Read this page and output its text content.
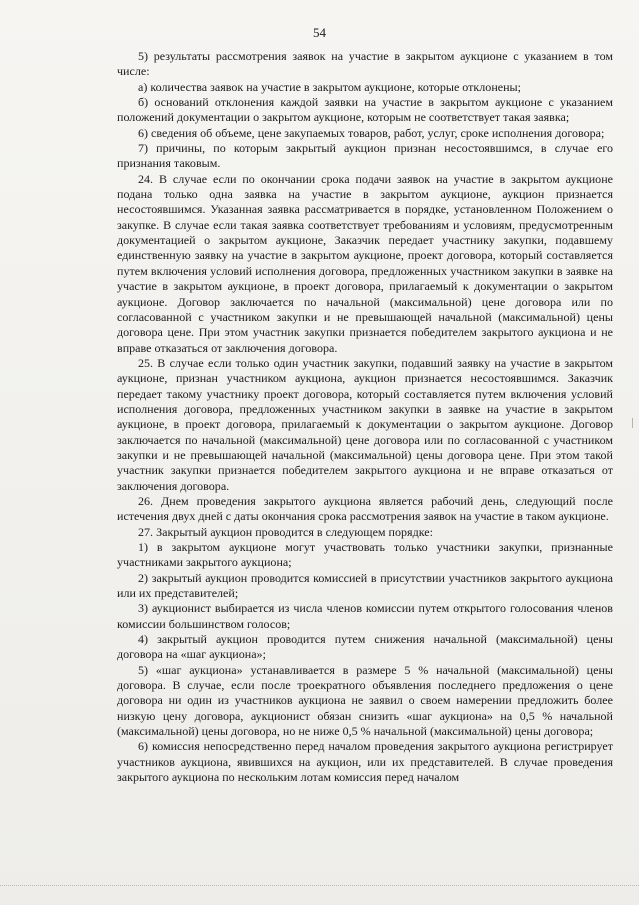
54

5) результаты рассмотрения заявок на участие в закрытом аукционе с указанием в том числе:

а) количества заявок на участие в закрытом аукционе, которые отклонены;

б) оснований отклонения каждой заявки на участие в закрытом аукционе с указанием положений документации о закрытом аукционе, которым не соответствует такая заявка;

6) сведения об объеме, цене закупаемых товаров, работ, услуг, сроке исполнения договора;

7) причины, по которым закрытый аукцион признан несостоявшимся, в случае его признания таковым.

24. В случае если по окончании срока подачи заявок на участие в закрытом аукционе подана только одна заявка на участие в закрытом аукционе, аукцион признается несостоявшимся. Указанная заявка рассматривается в порядке, установленном Положением о закупке. В случае если такая заявка соответствует требованиям и условиям, предусмотренным документацией о закрытом аукционе, Заказчик передает участнику закупки, подавшему единственную заявку на участие в закрытом аукционе, проект договора, который составляется путем включения условий исполнения договора, предложенных участником закупки в заявке на участие в закрытом аукционе, в проект договора, прилагаемый к документации о закрытом аукционе. Договор заключается по начальной (максимальной) цене договора или по согласованной с участником закупки и не превышающей начальной (максимальной) цены договора цене. При этом участник закупки признается победителем закрытого аукциона и не вправе отказаться от заключения договора.

25. В случае если только один участник закупки, подавший заявку на участие в закрытом аукционе, признан участником аукциона, аукцион признается несостоявшимся. Заказчик передает такому участнику проект договора, который составляется путем включения условий исполнения договора, предложенных участником закупки в заявке на участие в закрытом аукционе, в проект договора, прилагаемый к документации о закрытом аукционе. Договор заключается по начальной (максимальной) цене договора или по согласованной с участником закупки и не превышающей начальной (максимальной) цены договора цене. При этом такой участник закупки признается победителем закрытого аукциона и не вправе отказаться от заключения договора.

26. Днем проведения закрытого аукциона является рабочий день, следующий после истечения двух дней с даты окончания срока рассмотрения заявок на участие в таком аукционе.

27. Закрытый аукцион проводится в следующем порядке:

1) в закрытом аукционе могут участвовать только участники закупки, признанные участниками закрытого аукциона;

2) закрытый аукцион проводится комиссией в присутствии участников закрытого аукциона или их представителей;

3) аукционист выбирается из числа членов комиссии путем открытого голосования членов комиссии большинством голосов;

4) закрытый аукцион проводится путем снижения начальной (максимальной) цены договора на «шаг аукциона»;

5) «шаг аукциона» устанавливается в размере 5 % начальной (максимальной) цены договора. В случае, если после троекратного объявления последнего предложения о цене договора ни один из участников аукциона не заявил о своем намерении предложить более низкую цену договора, аукционист обязан снизить «шаг аукциона» на 0,5 % начальной (максимальной) цены договора, но не ниже 0,5 % начальной (максимальной) цены договора;

6) комиссия непосредственно перед началом проведения закрытого аукциона регистрирует участников аукциона, явившихся на аукцион, или их представителей. В случае проведения закрытого аукциона по нескольким лотам комиссия перед началом
